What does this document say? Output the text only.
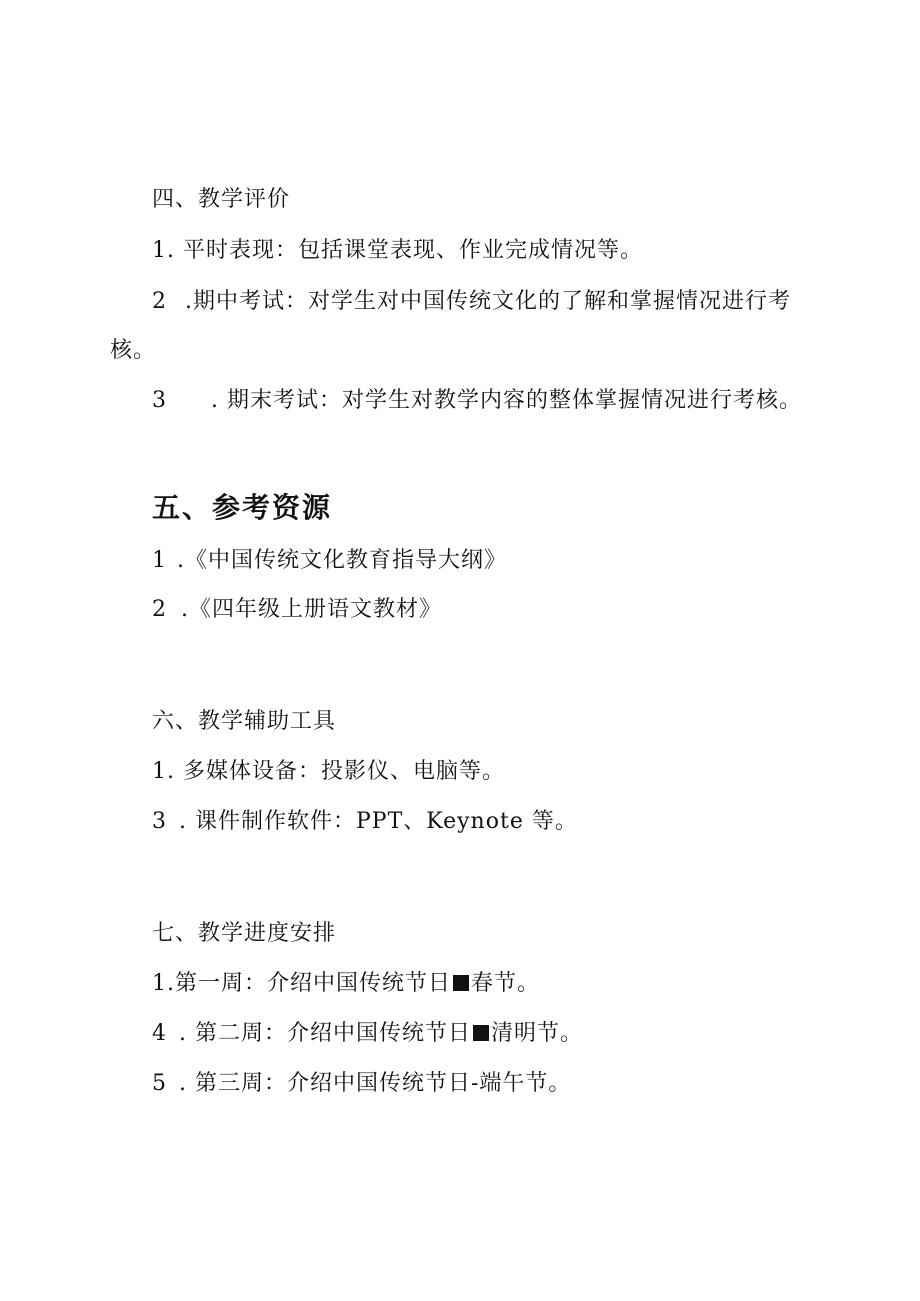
四、教学评价
1. 平时表现：包括课堂表现、作业完成情况等。
2 .期中考试：对学生对中国传统文化的了解和掌握情况进行考
核。
3 . 期末考试：对学生对教学内容的整体掌握情况进行考核。
五、参考资源
1 .《中国传统文化教育指导大纲》
2 .《四年级上册语文教材》
六、教学辅助工具
1. 多媒体设备：投影仪、电脑等。
3 . 课件制作软件：PPT、Keynote 等。
七、教学进度安排
1.第一周：介绍中国传统节日 春节。
4 . 第二周：介绍中国传统节日 清明节。
5 . 第三周：介绍中国传统节日-端午节。
